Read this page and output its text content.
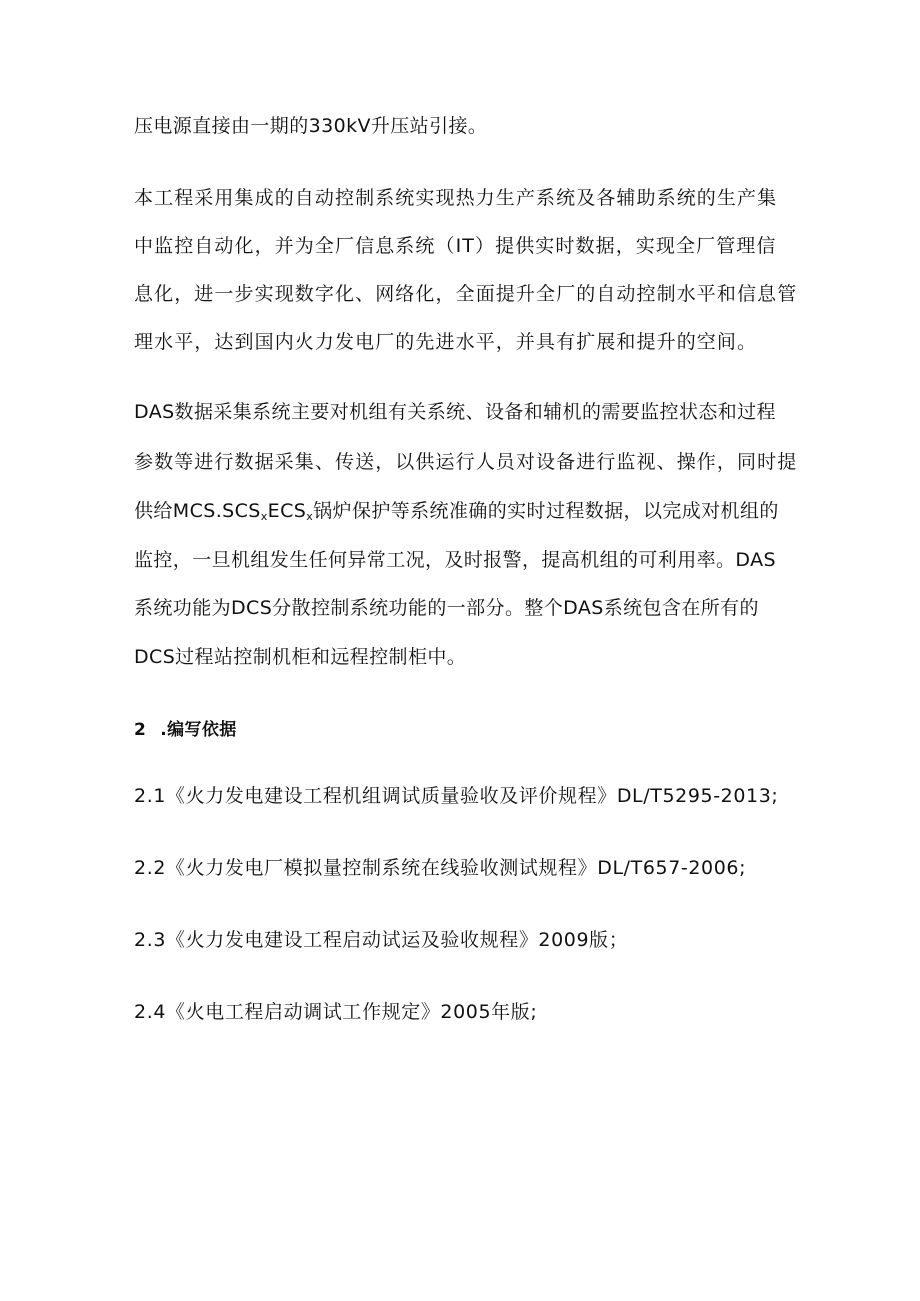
压电源直接由一期的330kV升压站引接。
本工程采用集成的自动控制系统实现热力生产系统及各辅助系统的生产集
中监控自动化，并为全厂信息系统（IT）提供实时数据，实现全厂管理信
息化，进一步实现数字化、网络化，全面提升全厂的自动控制水平和信息管
理水平，达到国内火力发电厂的先进水平，并具有扩展和提升的空间。
DAS数据采集系统主要对机组有关系统、设备和辅机的需要监控状态和过程
参数等进行数据采集、传送，以供运行人员对设备进行监视、操作，同时提
供给$MCS.SCS_xECS_x$锅炉保护等系统准确的实时过程数据，以完成对机组的
监控，一旦机组发生任何异常工况，及时报警，提高机组的可利用率。DAS
系统功能为DCS分散控制系统功能的一部分。整个DAS系统包含在所有的
DCS过程站控制机柜和远程控制柜中。
2 .编写依据
2.1《火力发电建设工程机组调试质量验收及评价规程》DL/T5295-2013;
2.2《火力发电厂模拟量控制系统在线验收测试规程》DL/T657-2006;
2.3《火力发电建设工程启动试运及验收规程》2009版；
2.4《火电工程启动调试工作规定》2005年版;
